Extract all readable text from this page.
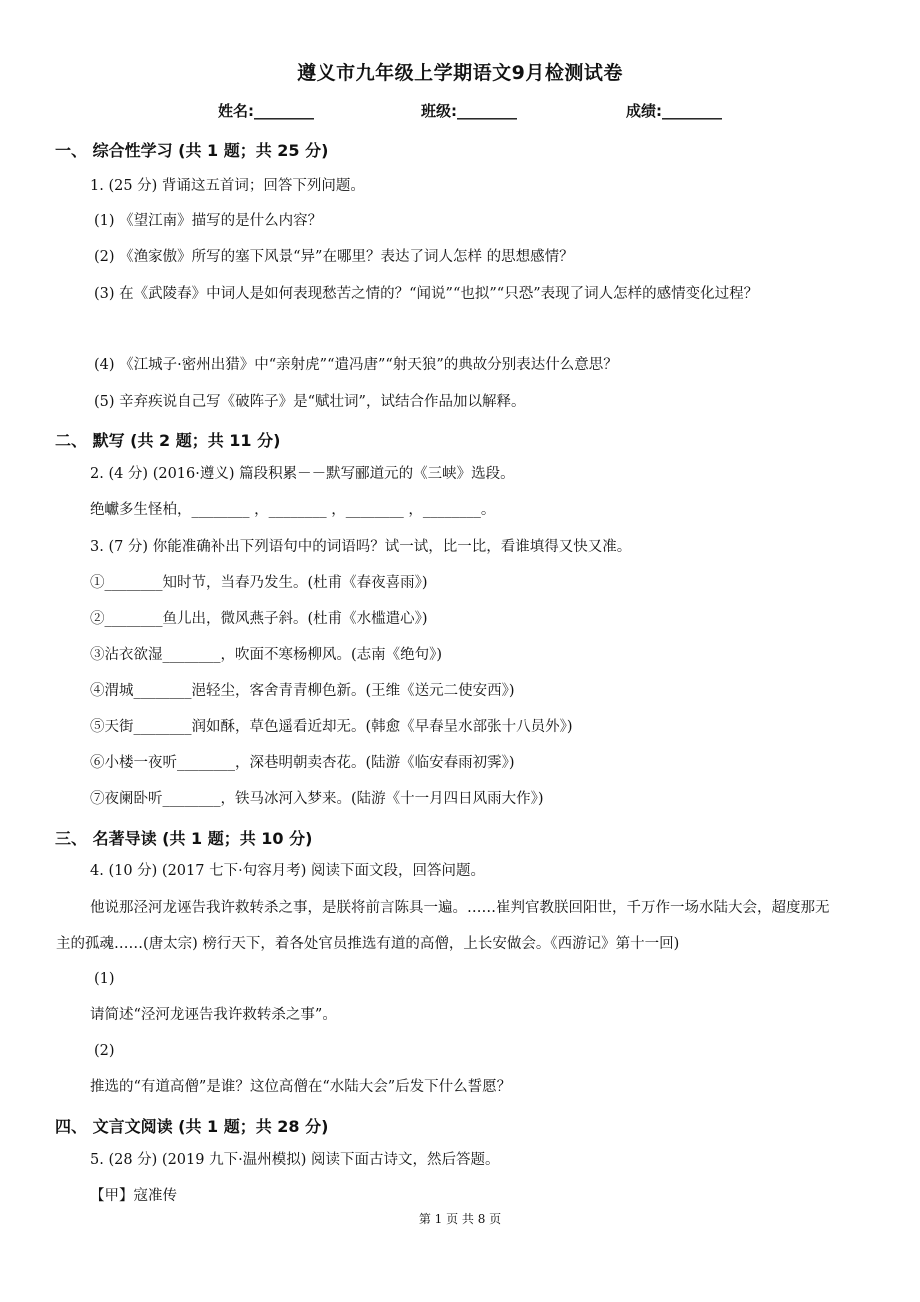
遵义市九年级上学期语文9月检测试卷
姓名:________	班级:________	成绩:________
一、 综合性学习 (共 1 题；共 25 分)
1. (25 分) 背诵这五首词；回答下列问题。
(1) 《望江南》描写的是什么内容？
(2) 《渔家傲》所写的塞下风景“异”在哪里？表达了词人怎样 的思想感情？
(3) 在《武陵春》中词人是如何表现愁苦之情的？“闻说”“也拟”“只恐”表现了词人怎样的感情变化过程？
(4) 《江城子·密州出猎》中“亲射虎”“遣冯唐”“射天狼”的典故分别表达什么意思？
(5) 辛弃疾说自己写《破阵子》是“赋壮词”，试结合作品加以解释。
二、 默写 (共 2 题；共 11 分)
2. (4 分) (2016·遵义) 篇段积累－－默写郦道元的《三峡》选段。
绝巘多生怪柏，________ ，________ ，________ ，________。
3. (7 分) 你能准确补出下列语句中的词语吗？试一试，比一比，看谁填得又快又准。
①________知时节，当春乃发生。(杜甫《春夜喜雨》)
②________鱼儿出，微风燕子斜。(杜甫《水槛遣心》)
③沾衣欲湿________，吹面不寒杨柳风。(志南《绝句》)
④渭城________浥轻尘，客舍青青柳色新。(王维《送元二使安西》)
⑤天街________润如酥，草色遥看近却无。(韩愈《早春呈水部张十八员外》)
⑥小楼一夜听________，深巷明朝卖杏花。(陆游《临安春雨初霁》)
⑦夜阑卧听________，铁马冰河入梦来。(陆游《十一月四日风雨大作》)
三、 名著导读 (共 1 题；共 10 分)
4. (10 分) (2017 七下·句容月考) 阅读下面文段，回答问题。
他说那泾河龙诬告我许救转杀之事，是朕将前言陈具一遍。……崔判官教朕回阳世，千万作一场水陆大会，超度那无主的孤魂……(唐太宗) 榜行天下，着各处官员推选有道的高僧，上长安做会。《西游记》第十一回)
(1)
请简述“泾河龙诬告我许救转杀之事”。
(2)
推选的“有道高僧”是谁？这位高僧在“水陆大会”后发下什么誓愿？
四、 文言文阅读 (共 1 题；共 28 分)
5. (28 分) (2019 九下·温州模拟) 阅读下面古诗文，然后答题。
【甲】寇准传
第 1 页 共 8 页
